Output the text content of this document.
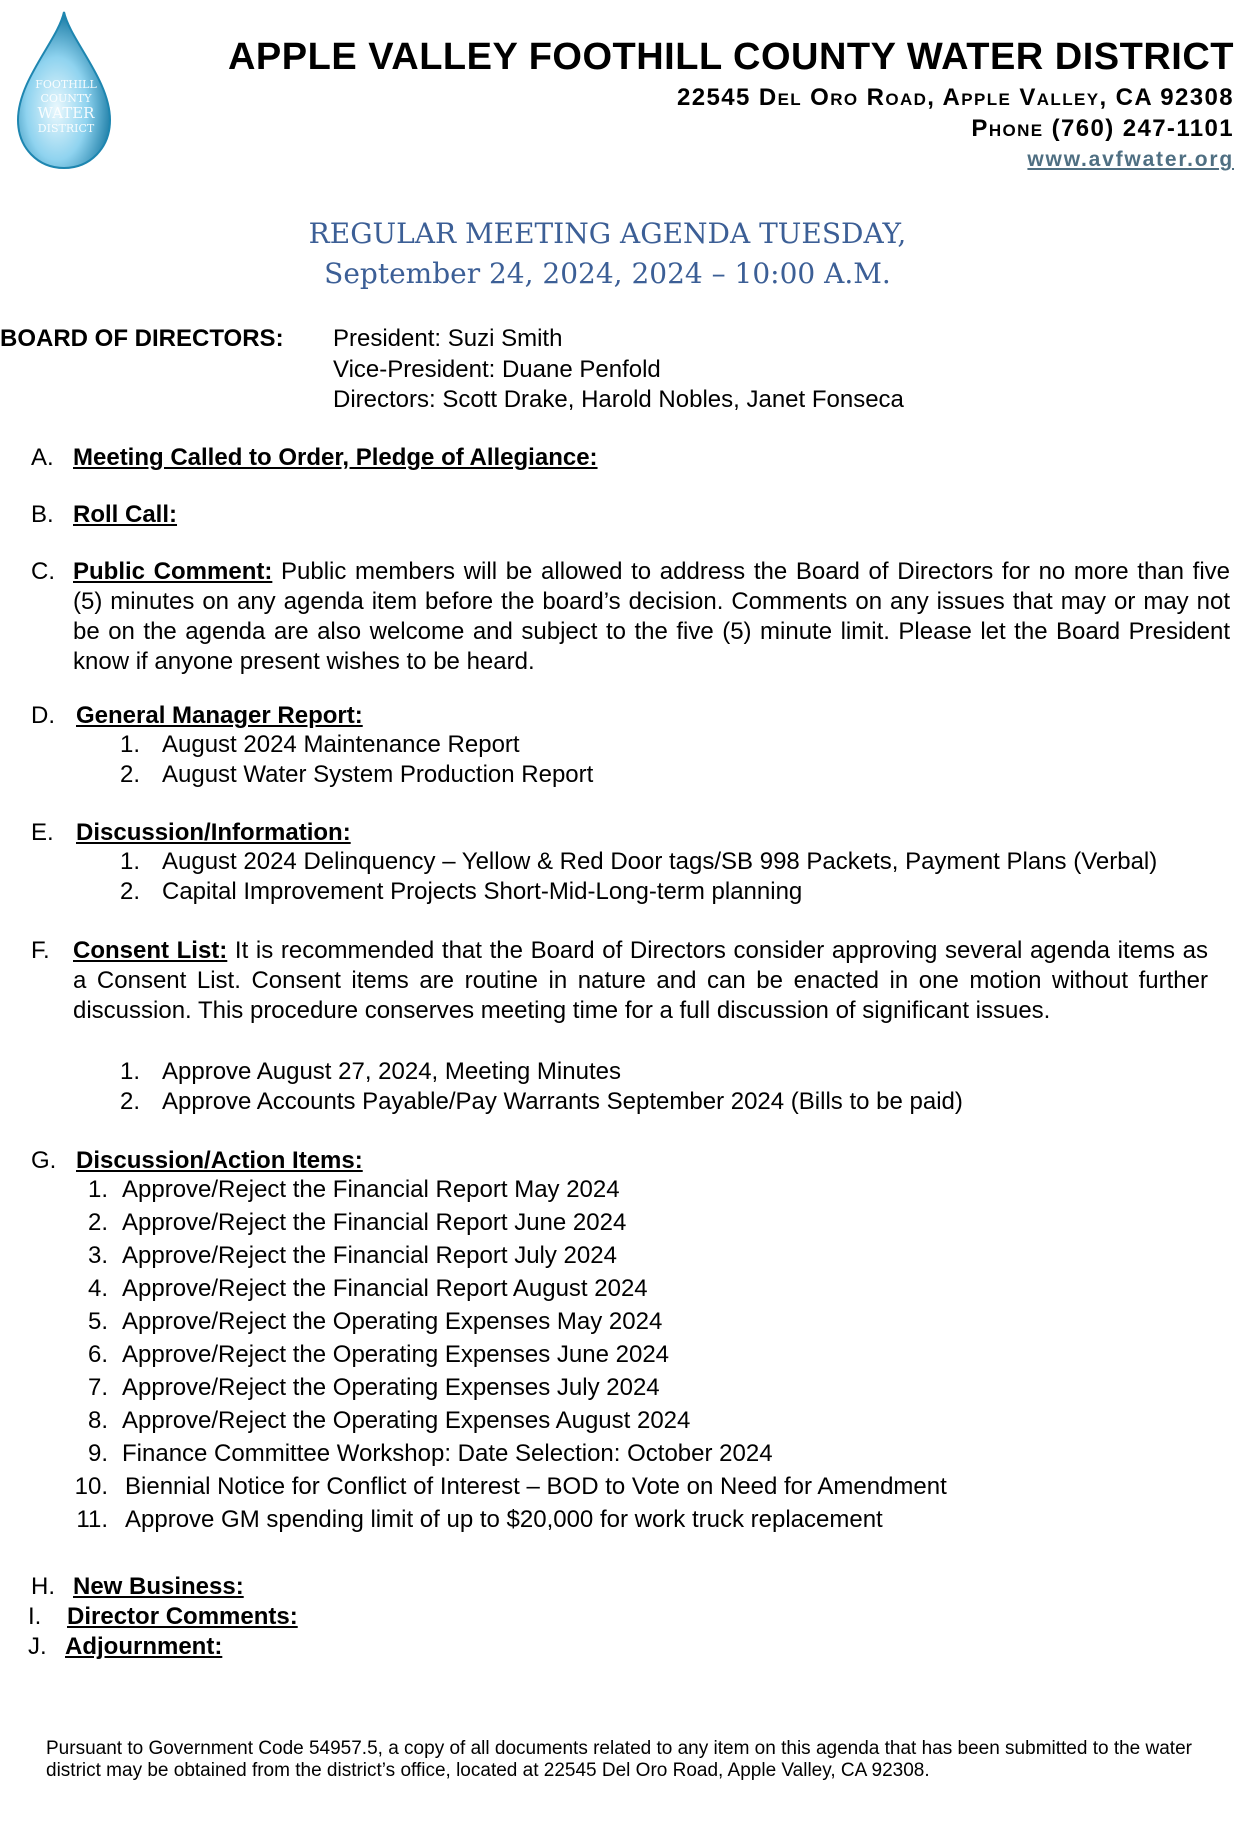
FOOTHILL
COUNTY
WATER
DISTRICT
APPLE VALLEY FOOTHILL COUNTY WATER DISTRICT
22545 Del Oro Road, Apple Valley, CA 92308
Phone (760) 247-1101
www.avfwater.org
REGULAR MEETING AGENDA TUESDAY,
September 24, 2024, 2024 – 10:00 A.M.
BOARD OF DIRECTORS: President: Suzi Smith
Vice-President: Duane Penfold
Directors: Scott Drake, Harold Nobles, Janet Fonseca
A. Meeting Called to Order, Pledge of Allegiance:
B. Roll Call:
C. Public Comment: Public members will be allowed to address the Board of Directors for no more than five (5) minutes on any agenda item before the board’s decision. Comments on any issues that may or may not be on the agenda are also welcome and subject to the five (5) minute limit. Please let the Board President know if anyone present wishes to be heard.
D. General Manager Report:
1. August 2024 Maintenance Report
2. August Water System Production Report
E. Discussion/Information:
1. August 2024 Delinquency – Yellow & Red Door tags/SB 998 Packets, Payment Plans (Verbal)
2. Capital Improvement Projects Short-Mid-Long-term planning
F. Consent List: It is recommended that the Board of Directors consider approving several agenda items as a Consent List. Consent items are routine in nature and can be enacted in one motion without further discussion. This procedure conserves meeting time for a full discussion of significant issues.
1. Approve August 27, 2024, Meeting Minutes
2. Approve Accounts Payable/Pay Warrants September 2024 (Bills to be paid)
G. Discussion/Action Items:
1. Approve/Reject the Financial Report May 2024
2. Approve/Reject the Financial Report June 2024
3. Approve/Reject the Financial Report July 2024
4. Approve/Reject the Financial Report August 2024
5. Approve/Reject the Operating Expenses May 2024
6. Approve/Reject the Operating Expenses June 2024
7. Approve/Reject the Operating Expenses July 2024
8. Approve/Reject the Operating Expenses August 2024
9. Finance Committee Workshop: Date Selection: October 2024
10. Biennial Notice for Conflict of Interest – BOD to Vote on Need for Amendment
11. Approve GM spending limit of up to $20,000 for work truck replacement
H. New Business:
I. Director Comments:
J. Adjournment:
Pursuant to Government Code 54957.5, a copy of all documents related to any item on this agenda that has been submitted to the water district may be obtained from the district’s office, located at 22545 Del Oro Road, Apple Valley, CA 92308.
